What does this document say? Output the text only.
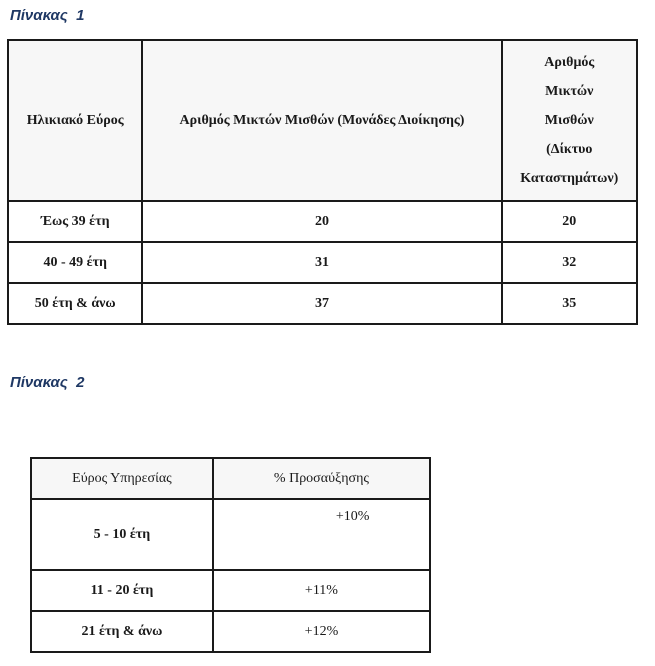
Πίνακας  1
Ηλικιακό Εύρος	Αριθμός Μικτών Μισθών (Μονάδες Διοίκησης)	Αριθμός
Μικτών
Μισθών
(Δίκτυο
Καταστημάτων)
Έως 39 έτη	20	20
40 - 49 έτη	31	32
50 έτη & άνω	37	35
Πίνακας  2
Εύρος Υπηρεσίας	% Προσαύξησης
5 - 10 έτη	+10%
11 - 20 έτη	+11%
21 έτη & άνω	+12%
